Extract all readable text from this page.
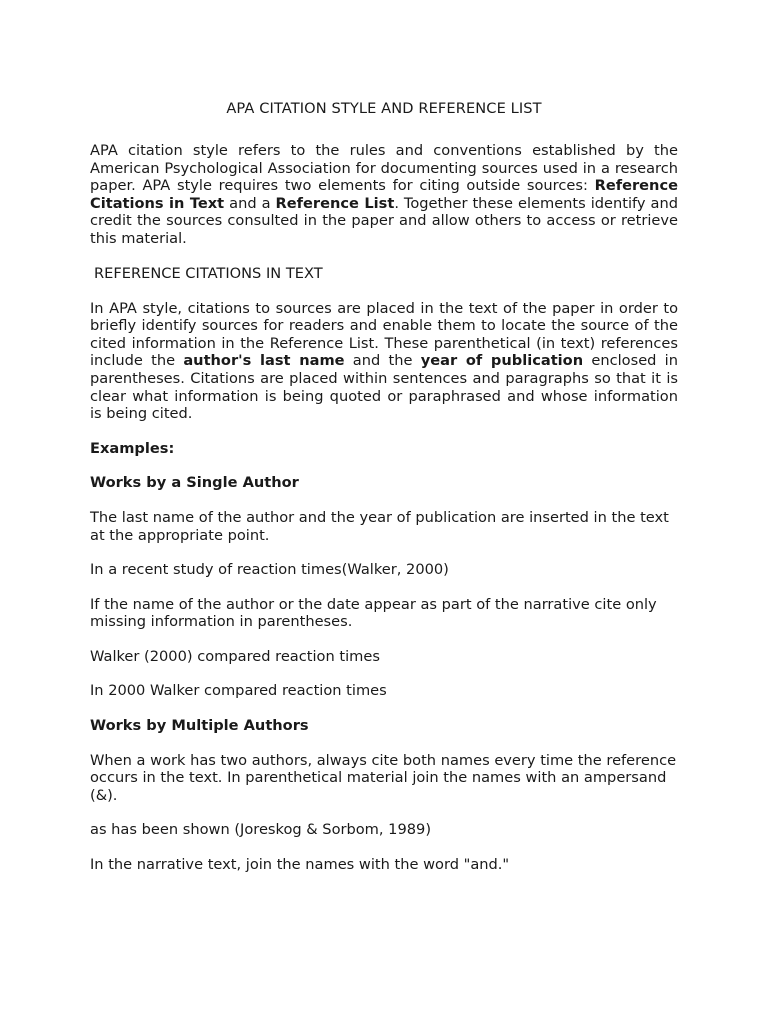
APA CITATION STYLE AND REFERENCE LIST

APA citation style refers to the rules and conventions established by the American Psychological Association for documenting sources used in a research paper. APA style requires two elements for citing outside sources: Reference Citations in Text and a Reference List. Together these elements identify and credit the sources consulted in the paper and allow others to access or retrieve this material.

REFERENCE CITATIONS IN TEXT

In APA style, citations to sources are placed in the text of the paper in order to briefly identify sources for readers and enable them to locate the source of the cited information in the Reference List. These parenthetical (in text) references include the author's last name and the year of publication enclosed in parentheses. Citations are placed within sentences and paragraphs so that it is clear what information is being quoted or paraphrased and whose information is being cited.

Examples:

Works by a Single Author

The last name of the author and the year of publication are inserted in the text at the appropriate point.

In a recent study of reaction times(Walker, 2000)

If the name of the author or the date appear as part of the narrative cite only missing information in parentheses.

Walker (2000) compared reaction times

In 2000 Walker compared reaction times

Works by Multiple Authors

When a work has two authors, always cite both names every time the reference occurs in the text. In parenthetical material join the names with an ampersand (&).

as has been shown (Joreskog & Sorbom, 1989)

In the narrative text, join the names with the word "and."
